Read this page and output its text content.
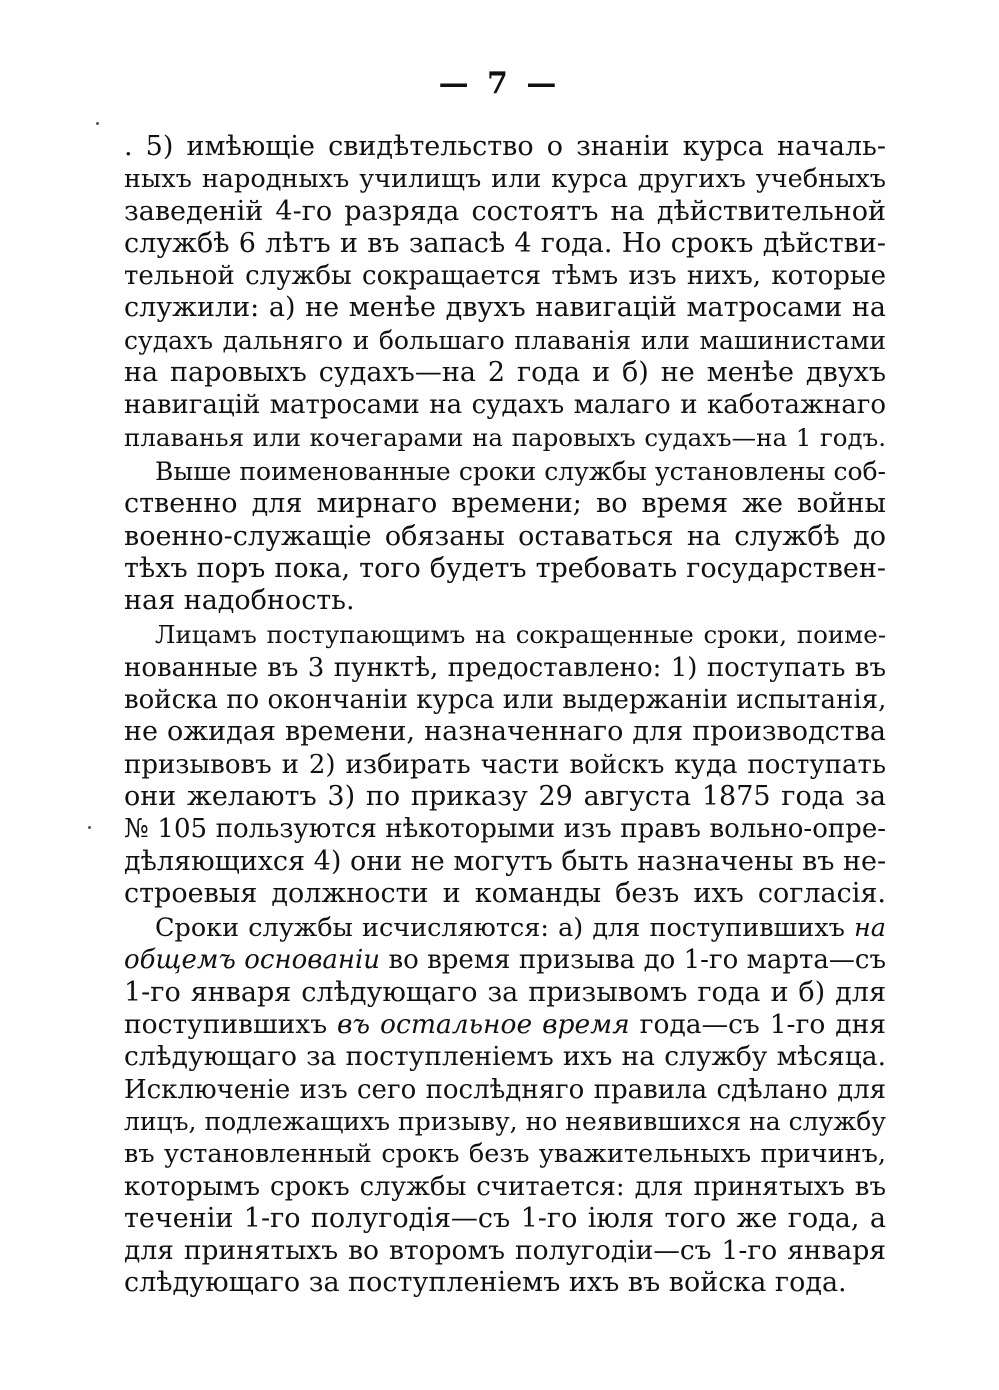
— 7 —
. 5) имѣющіе свидѣтельство о знаніи курса началь-
ныхъ народныхъ училищъ или курса другихъ учебныхъ
заведеній 4-го разряда состоятъ на дѣйствительной
службѣ 6 лѣтъ и въ запасѣ 4 года. Но срокъ дѣйстви-
тельной службы сокращается тѣмъ изъ нихъ, которые
служили: а) не менѣе двухъ навигацій матросами на
судахъ дальняго и большаго плаванія или машинистами
на паровыхъ судахъ—на 2 года и б) не менѣе двухъ
навигацій матросами на судахъ малаго и каботажнаго
плаванья или кочегарами на паровыхъ судахъ—на 1 годъ.
Выше поименованные сроки службы установлены соб-
ственно для мирнаго времени; во время же войны
военно-служащіе обязаны оставаться на службѣ до
тѣхъ поръ пока, того будетъ требовать государствен-
ная надобность.
Лицамъ поступающимъ на сокращенные сроки, поиме-
нованные въ 3 пунктѣ, предоставлено: 1) поступать въ
войска по окончаніи курса или выдержаніи испытанія,
не ожидая времени, назначеннаго для производства
призывовъ и 2) избирать части войскъ куда поступать
они желаютъ 3) по приказу 29 августа 1875 года за
№ 105 пользуются нѣкоторыми изъ правъ вольно-опре-
дѣляющихся 4) они не могутъ быть назначены въ не-
строевыя должности и команды безъ ихъ согласія.
Сроки службы исчисляются: а) для поступившихъ на
общемъ основаніи во время призыва до 1-го марта—съ
1-го января слѣдующаго за призывомъ года и б) для
поступившихъ въ остальное время года—съ 1-го дня
слѣдующаго за поступленіемъ ихъ на службу мѣсяца.
Исключеніе изъ сего послѣдняго правила сдѣлано для
лицъ, подлежащихъ призыву, но неявившихся на службу
въ установленный срокъ безъ уважительныхъ причинъ,
которымъ срокъ службы считается: для принятыхъ въ
теченіи 1-го полугодія—съ 1-го іюля того же года, а
для принятыхъ во второмъ полугодіи—съ 1-го января
слѣдующаго за поступленіемъ ихъ въ войска года.
